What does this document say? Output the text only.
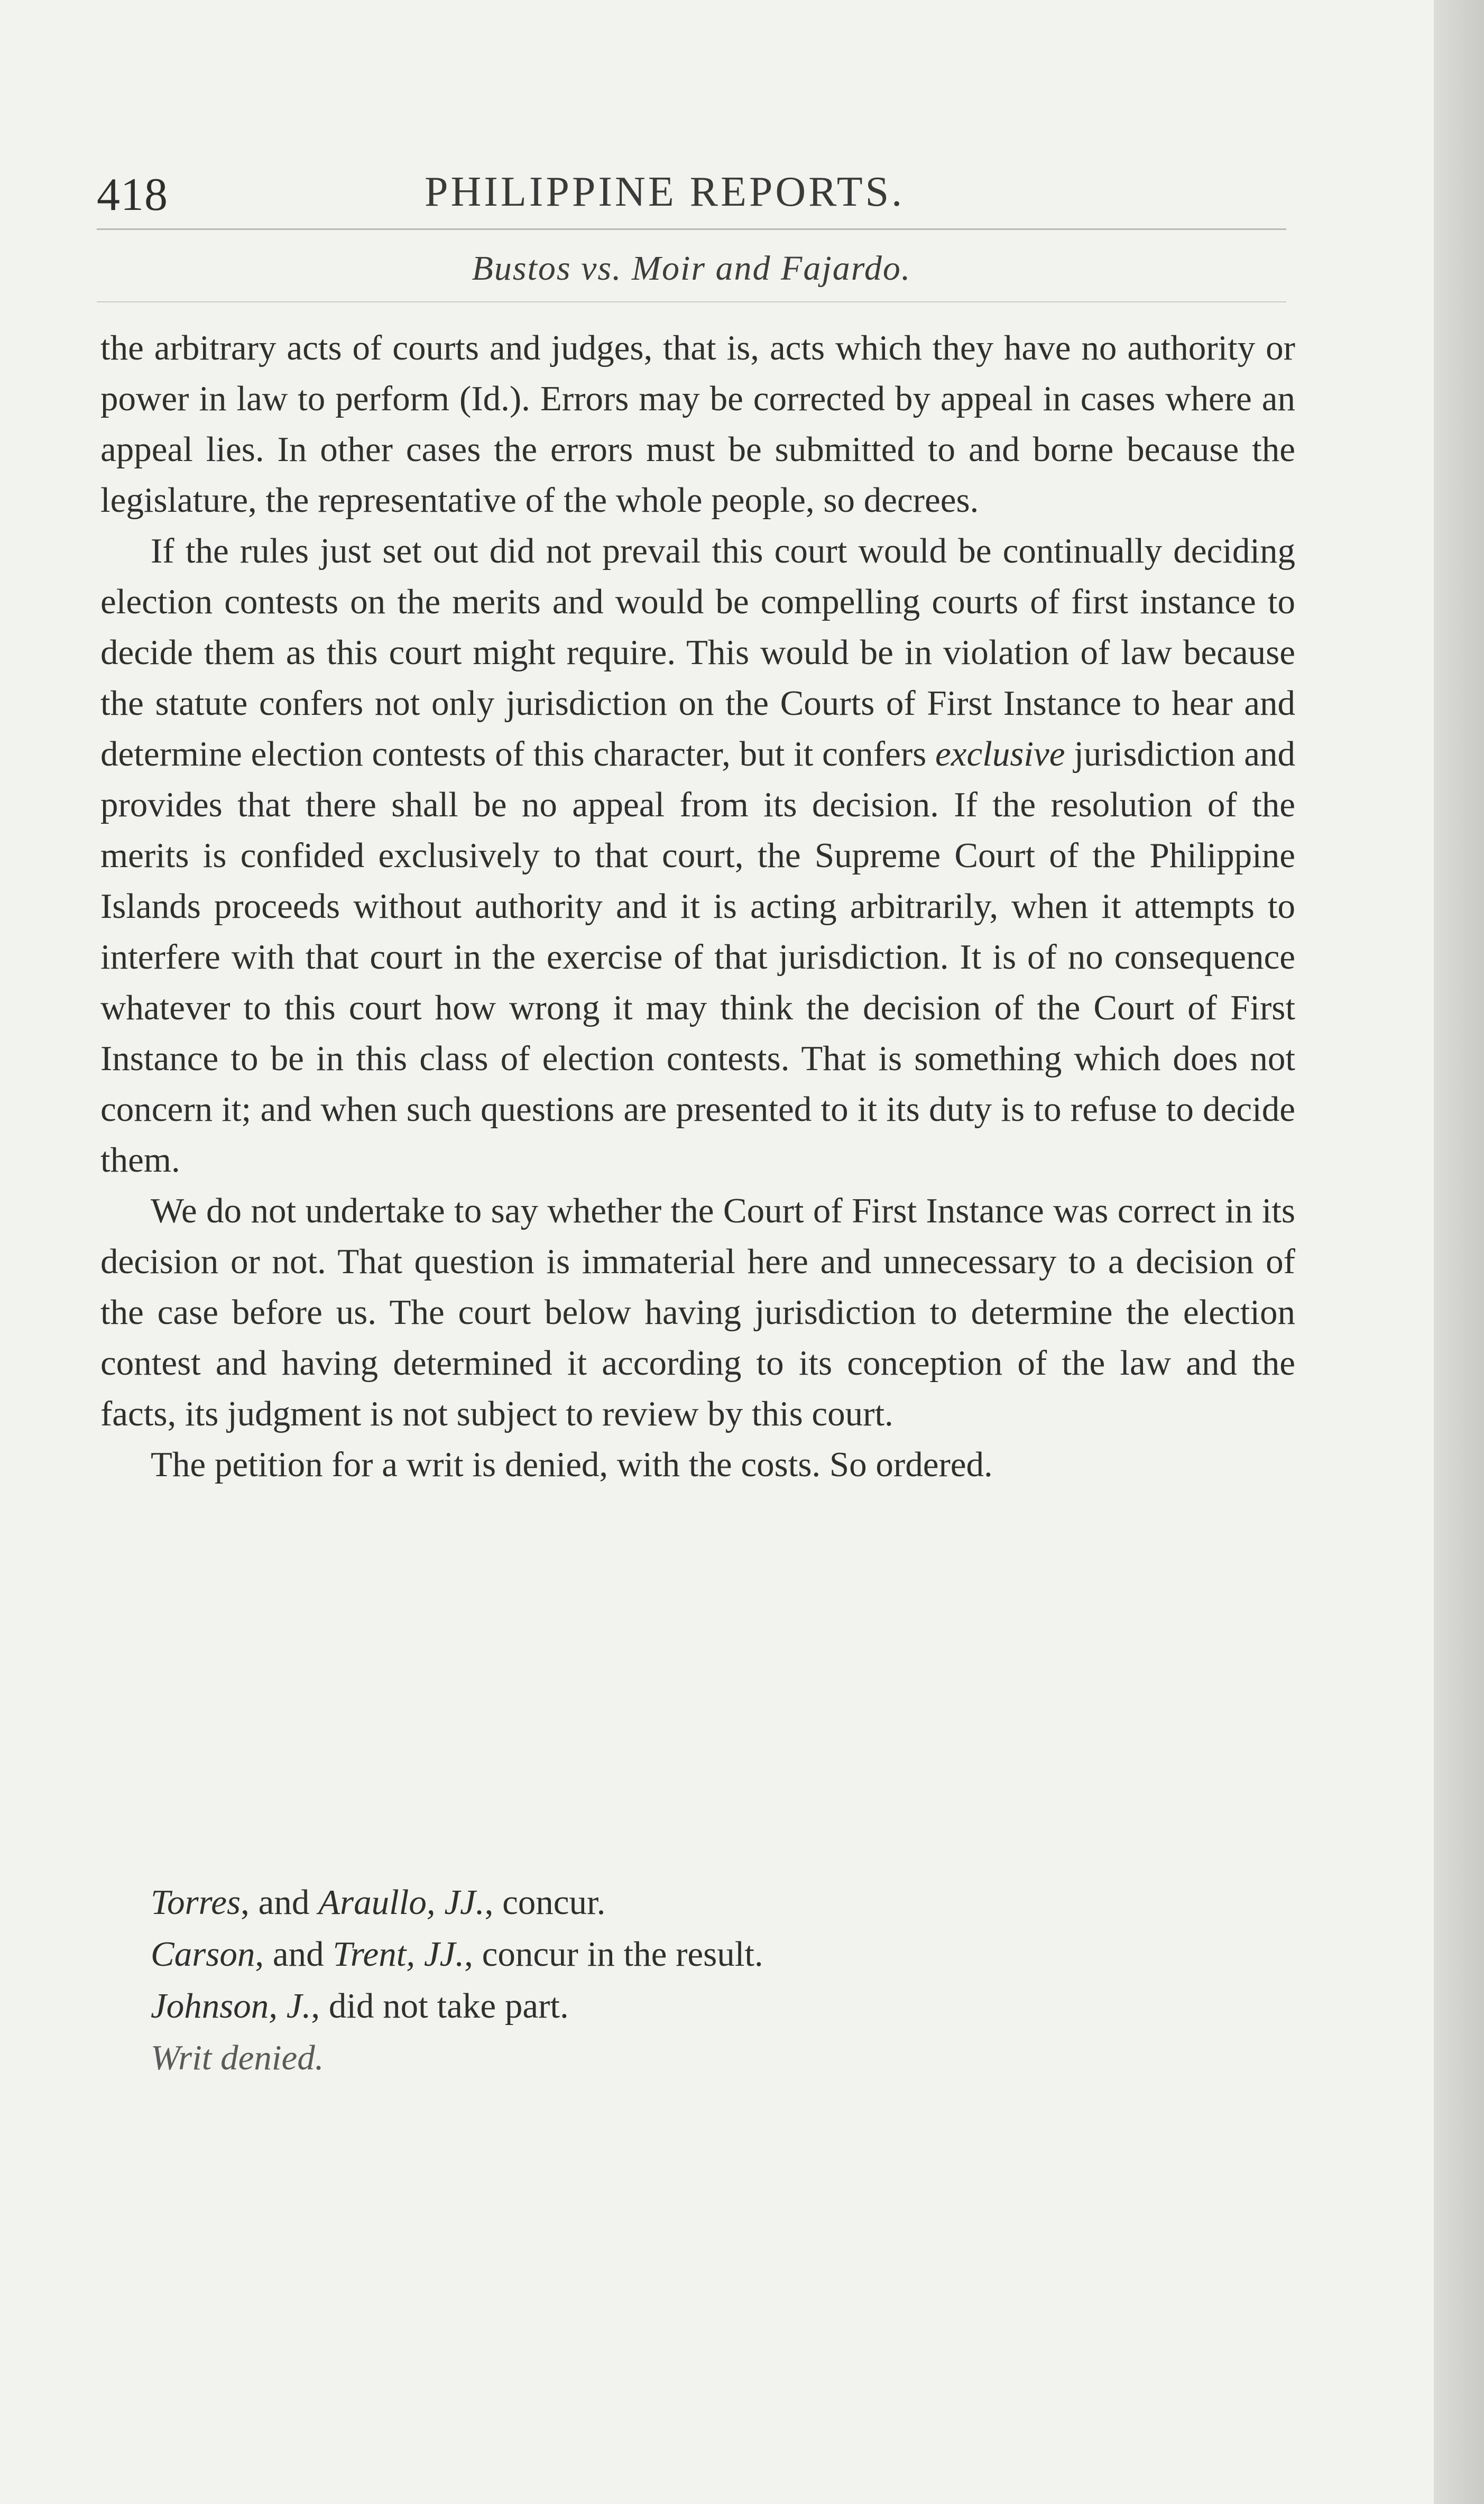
418	PHILIPPINE REPORTS.
Bustos vs. Moir and Fajardo.

the arbitrary acts of courts and judges, that is, acts which they have no authority or power in law to perform (Id.). Errors may be corrected by appeal in cases where an appeal lies. In other cases the errors must be submitted to and borne because the legislature, the representative of the whole people, so decrees.

If the rules just set out did not prevail this court would be continually deciding election contests on the merits and would be compelling courts of first instance to decide them as this court might require. This would be in violation of law because the statute confers not only jurisdiction on the Courts of First Instance to hear and determine election contests of this character, but it confers exclusive jurisdiction and provides that there shall be no appeal from its decision. If the resolution of the merits is confided exclusively to that court, the Supreme Court of the Philippine Islands proceeds without authority and it is acting arbitrarily, when it attempts to interfere with that court in the exercise of that jurisdiction. It is of no consequence whatever to this court how wrong it may think the decision of the Court of First Instance to be in this class of election contests. That is something which does not concern it; and when such questions are presented to it its duty is to refuse to decide them.

We do not undertake to say whether the Court of First Instance was correct in its decision or not. That question is immaterial here and unnecessary to a decision of the case before us. The court below having jurisdiction to determine the election contest and having determined it according to its conception of the law and the facts, its judgment is not subject to review by this court.

The petition for a writ is denied, with the costs. So ordered.

Torres, and Araullo, JJ., concur.

Carson, and Trent, JJ., concur in the result.

Johnson, J., did not take part.

Writ denied.
